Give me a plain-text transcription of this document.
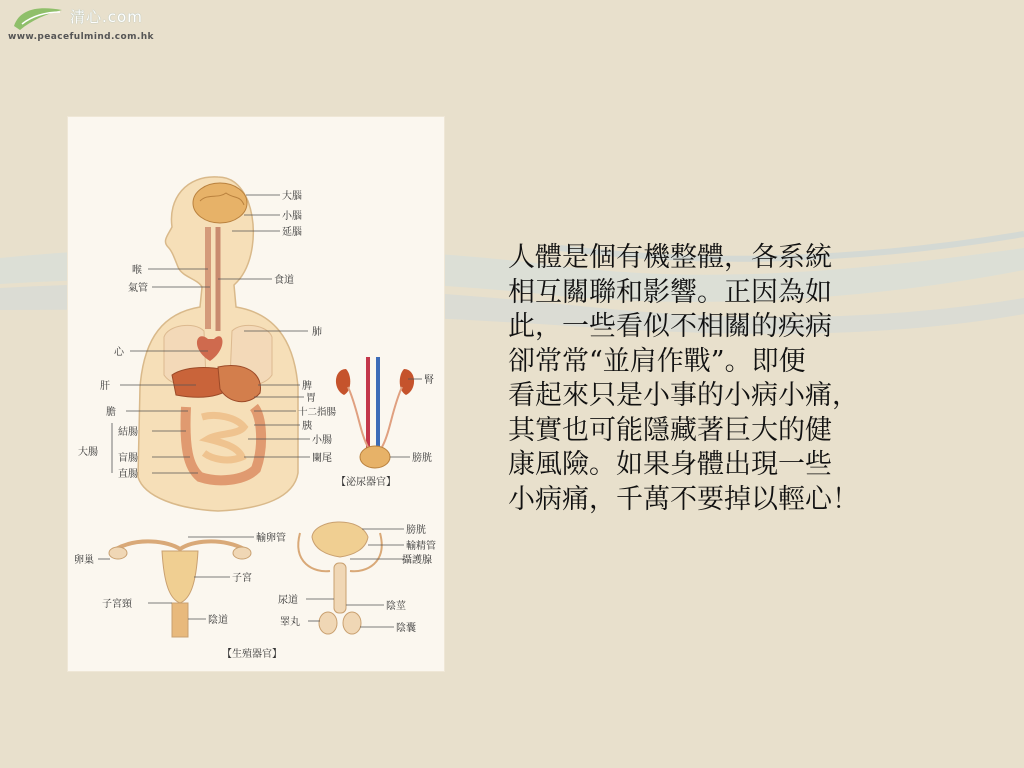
清心.com
www.peacefulmind.com.hk
大腦
小腦
延腦
喉
氣管
食道
肺
心
肝	脾
胃
膽	十二指腸
胰
結腸
小腸
大腸
盲腸	闌尾
直腸
腎
膀胱
【泌尿器官】
輸卵管
卵巢
子宮
子宮頸
陰道
膀胱
輸精管
攝護腺
尿道
陰莖
睪丸
陰囊
【生殖器官】
人體是個有機整體，各系統
相互關聯和影響。正因為如
此，一些看似不相關的疾病
卻常常“並肩作戰”。即便
看起來只是小事的小病小痛，
其實也可能隱藏著巨大的健
康風險。如果身體出現一些
小病痛，千萬不要掉以輕心！
